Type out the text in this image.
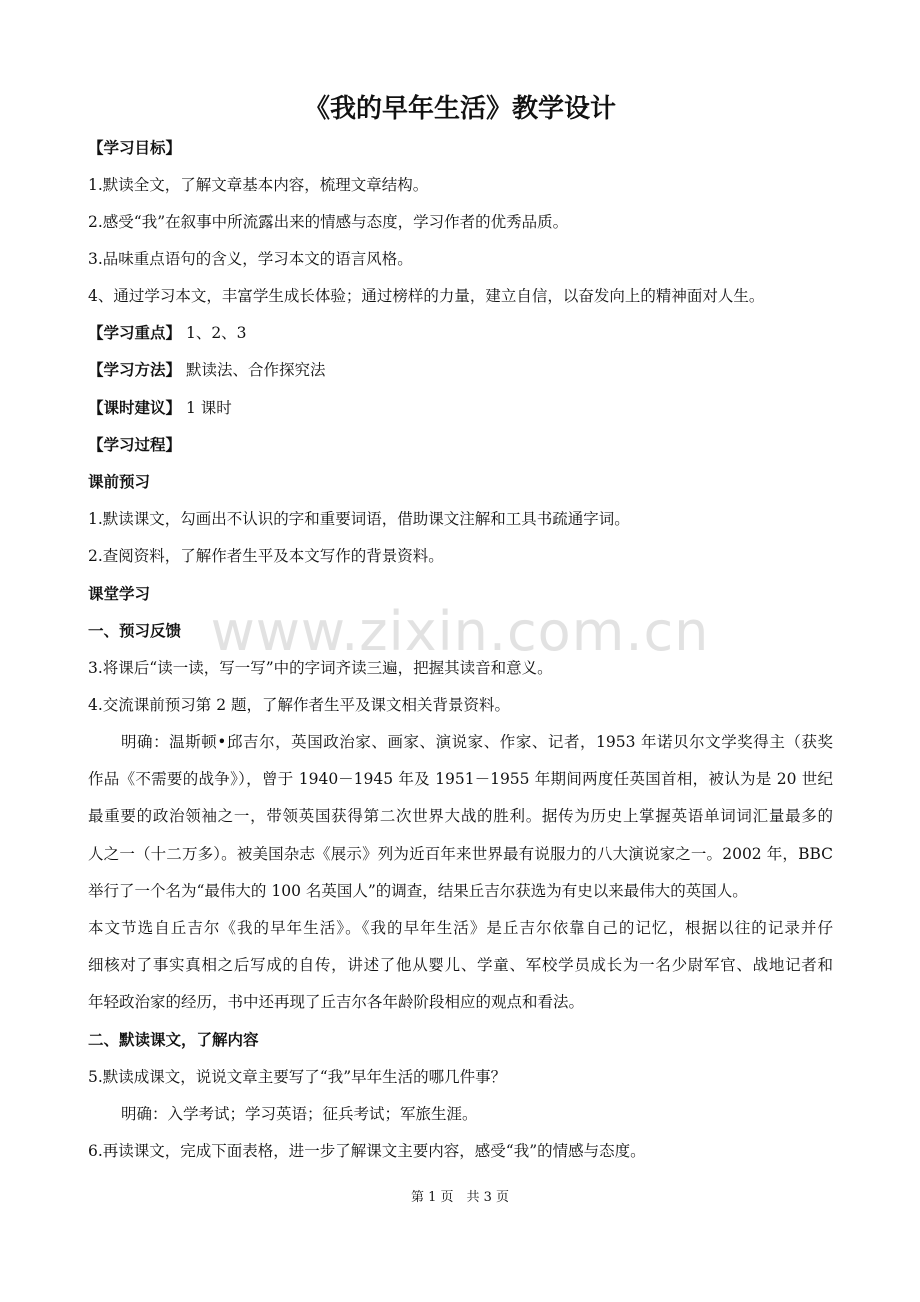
www.zixin.com.cn
《我的早年生活》教学设计
【学习目标】
1.默读全文，了解文章基本内容，梳理文章结构。
2.感受“我”在叙事中所流露出来的情感与态度，学习作者的优秀品质。
3.品味重点语句的含义，学习本文的语言风格。
4、通过学习本文，丰富学生成长体验；通过榜样的力量，建立自信，以奋发向上的精神面对人生。
【学习重点】 1、2、3
【学习方法】 默读法、合作探究法
【课时建议】 1 课时
【学习过程】
课前预习
1.默读课文，勾画出不认识的字和重要词语，借助课文注解和工具书疏通字词。
2.查阅资料，了解作者生平及本文写作的背景资料。
课堂学习
一、预习反馈
3.将课后“读一读，写一写”中的字词齐读三遍，把握其读音和意义。
4.交流课前预习第 2 题，了解作者生平及课文相关背景资料。
明确：温斯顿•邱吉尔，英国政治家、画家、演说家、作家、记者，1953 年诺贝尔文学奖得主（获奖
作品《不需要的战争》），曾于 1940－1945 年及 1951－1955 年期间两度任英国首相，被认为是 20 世纪
最重要的政治领袖之一，带领英国获得第二次世界大战的胜利。据传为历史上掌握英语单词词汇量最多的
人之一（十二万多）。被美国杂志《展示》列为近百年来世界最有说服力的八大演说家之一。2002 年，BBC
举行了一个名为“最伟大的 100 名英国人”的调查，结果丘吉尔获选为有史以来最伟大的英国人。
本文节选自丘吉尔《我的早年生活》。《我的早年生活》是丘吉尔依靠自己的记忆，根据以往的记录并仔
细核对了事实真相之后写成的自传，讲述了他从婴儿、学童、军校学员成长为一名少尉军官、战地记者和
年轻政治家的经历，书中还再现了丘吉尔各年龄阶段相应的观点和看法。
二、默读课文，了解内容
5.默读成课文，说说文章主要写了“我”早年生活的哪几件事？
明确：入学考试；学习英语；征兵考试；军旅生涯。
6.再读课文，完成下面表格，进一步了解课文主要内容，感受“我”的情感与态度。
第 1 页　共 3 页
